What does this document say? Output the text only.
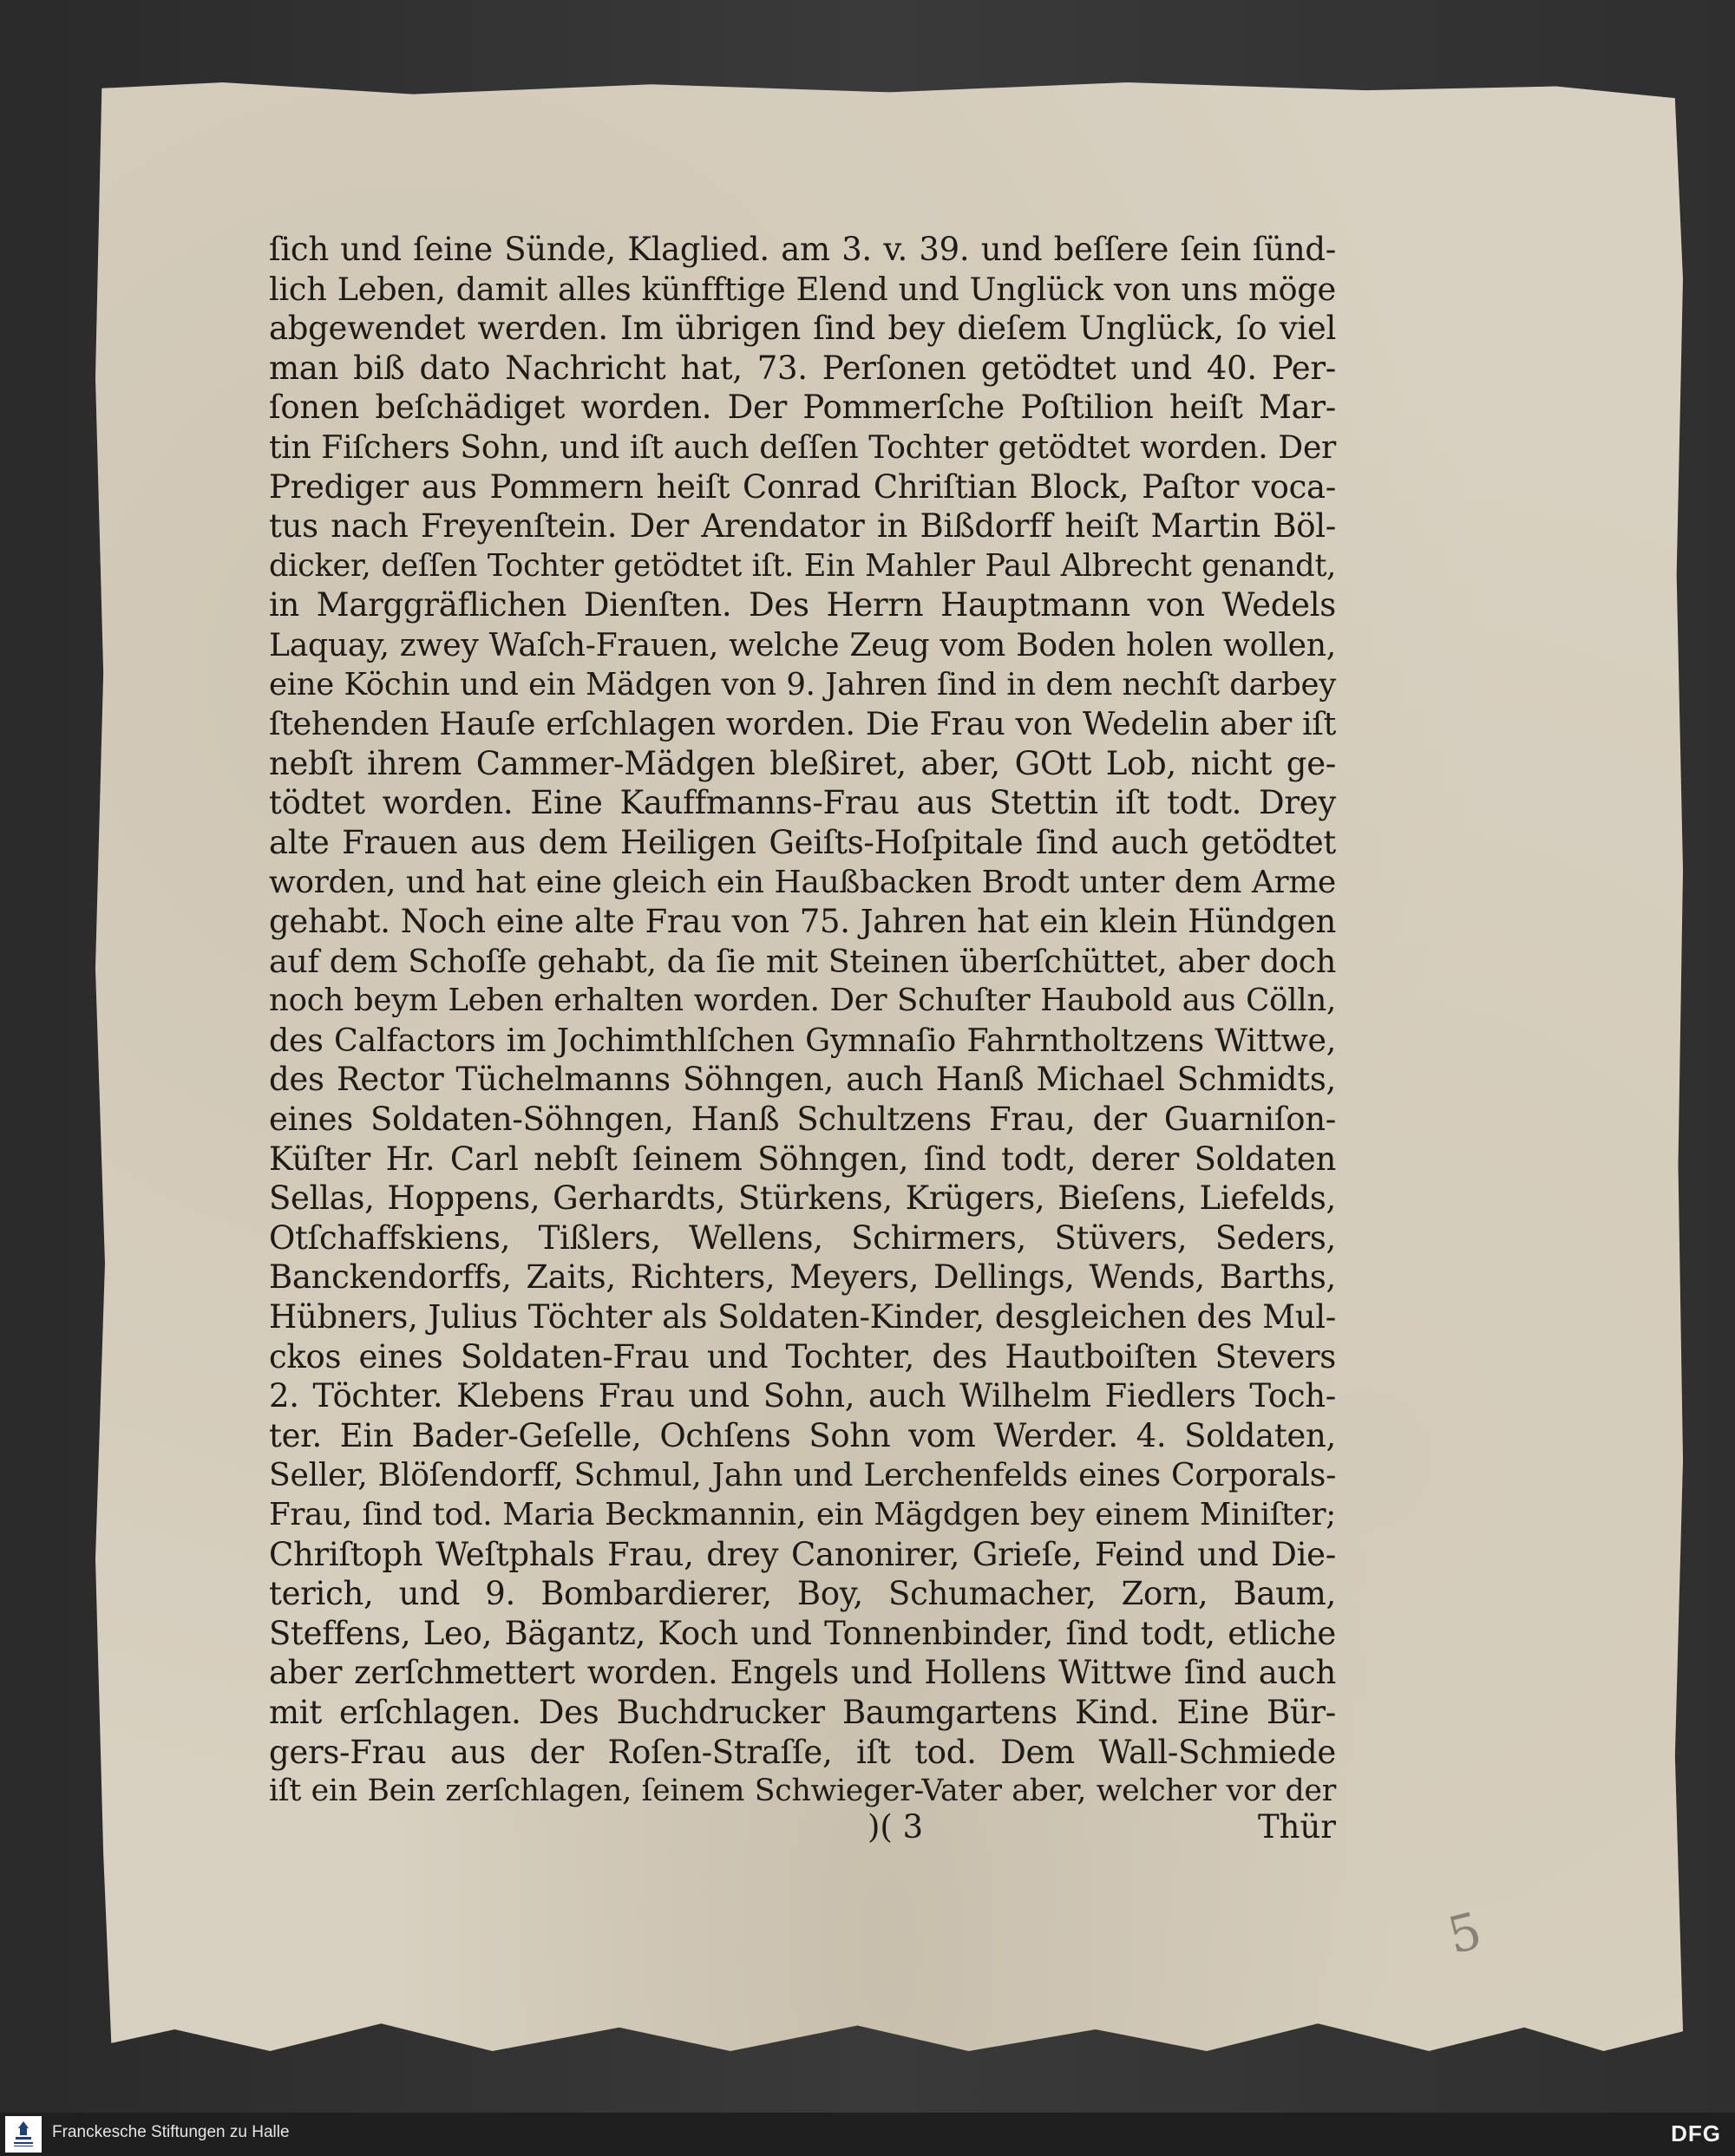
ſich und ſeine Sünde, Klaglied. am 3. v. 39. und beſſere ſein ſünd-
lich Leben, damit alles künfftige Elend und Unglück von uns möge
abgewendet werden. Im übrigen ſind bey dieſem Unglück, ſo viel
man biß dato Nachricht hat, 73. Perſonen getödtet und 40. Per-
ſonen beſchädiget worden. Der Pommerſche Poſtilion heiſt Mar-
tin Fiſchers Sohn, und iſt auch deſſen Tochter getödtet worden. Der
Prediger aus Pommern heiſt Conrad Chriſtian Block, Paſtor voca-
tus nach Freyenſtein. Der Arendator in Bißdorff heiſt Martin Böl-
dicker, deſſen Tochter getödtet iſt. Ein Mahler Paul Albrecht genandt,
in Marggräflichen Dienſten. Des Herrn Hauptmann von Wedels
Laquay, zwey Waſch-Frauen, welche Zeug vom Boden holen wollen,
eine Köchin und ein Mädgen von 9. Jahren ſind in dem nechſt darbey
ſtehenden Hauſe erſchlagen worden. Die Frau von Wedelin aber iſt
nebſt ihrem Cammer-Mädgen bleßiret, aber, GOtt Lob, nicht ge-
tödtet worden. Eine Kauffmanns-Frau aus Stettin iſt todt. Drey
alte Frauen aus dem Heiligen Geiſts-Hoſpitale ſind auch getödtet
worden, und hat eine gleich ein Haußbacken Brodt unter dem Arme
gehabt. Noch eine alte Frau von 75. Jahren hat ein klein Hündgen
auf dem Schoſſe gehabt, da ſie mit Steinen überſchüttet, aber doch
noch beym Leben erhalten worden. Der Schuſter Haubold aus Cölln,
des Calfactors im Jochimthlſchen Gymnaſio Fahrntholtzens Wittwe,
des Rector Tüchelmanns Söhngen, auch Hanß Michael Schmidts,
eines Soldaten-Söhngen, Hanß Schultzens Frau, der Guarniſon-
Küſter Hr. Carl nebſt ſeinem Söhngen, ſind todt, derer Soldaten
Sellas, Hoppens, Gerhardts, Stürkens, Krügers, Bieſens, Liefelds,
Otſchaffskiens, Tißlers, Wellens, Schirmers, Stüvers, Seders,
Banckendorffs, Zaits, Richters, Meyers, Dellings, Wends, Barths,
Hübners, Julius Töchter als Soldaten-Kinder, desgleichen des Mul-
ckos eines Soldaten-Frau und Tochter, des Hautboiſten Stevers
2. Töchter. Klebens Frau und Sohn, auch Wilhelm Fiedlers Toch-
ter. Ein Bader-Geſelle, Ochſens Sohn vom Werder. 4. Soldaten,
Seller, Blöſendorff, Schmul, Jahn und Lerchenfelds eines Corporals-
Frau, ſind tod. Maria Beckmannin, ein Mägdgen bey einem Miniſter;
Chriſtoph Weſtphals Frau, drey Canonirer, Grieſe, Feind und Die-
terich, und 9. Bombardierer, Boy, Schumacher, Zorn, Baum,
Steffens, Leo, Bägantz, Koch und Tonnenbinder, ſind todt, etliche
aber zerſchmettert worden. Engels und Hollens Wittwe ſind auch
mit erſchlagen. Des Buchdrucker Baumgartens Kind. Eine Bür-
gers-Frau aus der Roſen-Straſſe, iſt tod. Dem Wall-Schmiede
iſt ein Bein zerſchlagen, ſeinem Schwieger-Vater aber, welcher vor der
)( 3	Thür
5
Franckesche Stiftungen zu Halle	DFG
